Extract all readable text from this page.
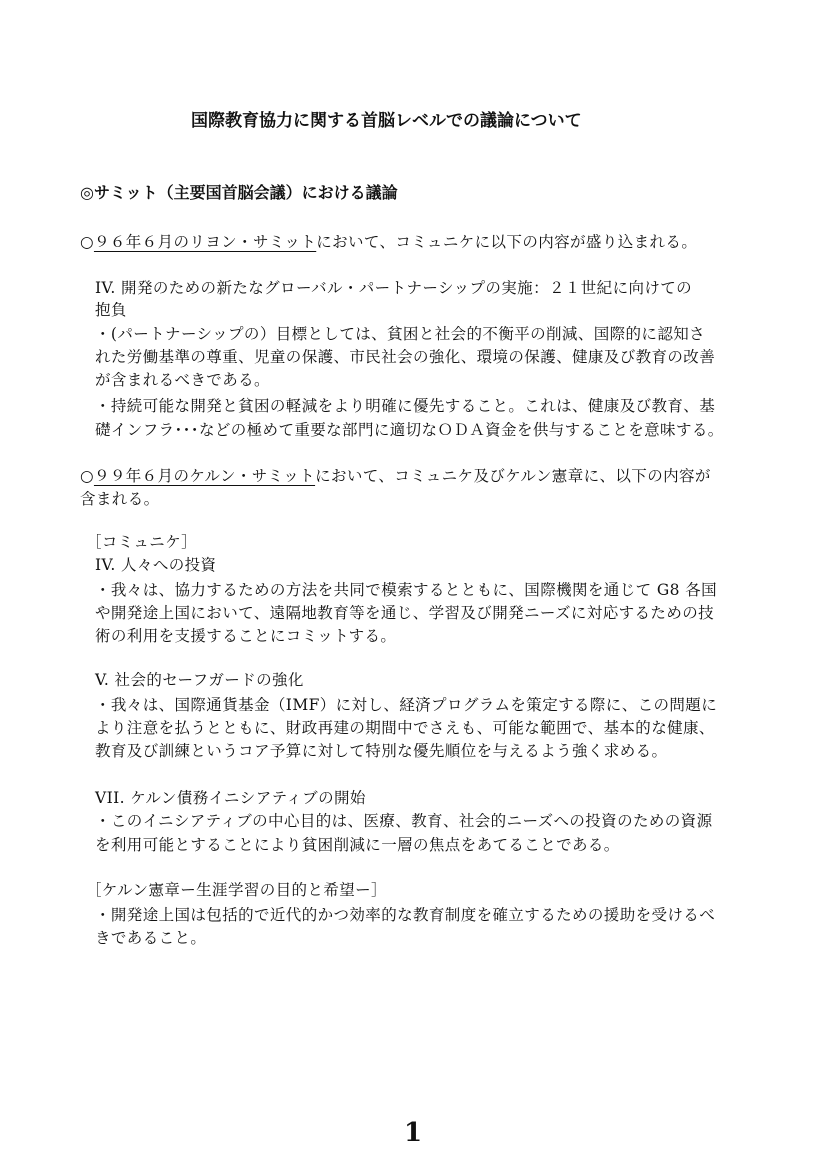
国際教育協力に関する首脳レベルでの議論について
◎サミット（主要国首脳会議）における議論
○９６年６月のリヨン・サミットにおいて、コミュニケに以下の内容が盛り込まれる。
IV. 開発のための新たなグローバル・パートナーシップの実施：２１世紀に向けての
抱負
・(パートナーシップの）目標としては、貧困と社会的不衡平の削減、国際的に認知さ
れた労働基準の尊重、児童の保護、市民社会の強化、環境の保護、健康及び教育の改善
が含まれるべきである。
・持続可能な開発と貧困の軽減をより明確に優先すること。これは、健康及び教育、基
礎インフラ･･･などの極めて重要な部門に適切なＯＤＡ資金を供与することを意味する。
○９９年６月のケルン・サミットにおいて、コミュニケ及びケルン憲章に、以下の内容が
含まれる。
［コミュニケ］
IV. 人々への投資
・我々は、協力するための方法を共同で模索するとともに、国際機関を通じて G8 各国
や開発途上国において、遠隔地教育等を通じ、学習及び開発ニーズに対応するための技
術の利用を支援することにコミットする。
V. 社会的セーフガードの強化
・我々は、国際通貨基金（IMF）に対し、経済プログラムを策定する際に、この問題に
より注意を払うとともに、財政再建の期間中でさえも、可能な範囲で、基本的な健康、
教育及び訓練というコア予算に対して特別な優先順位を与えるよう強く求める。
VII. ケルン債務イニシアティブの開始
・このイニシアティブの中心目的は、医療、教育、社会的ニーズへの投資のための資源
を利用可能とすることにより貧困削減に一層の焦点をあてることである。
［ケルン憲章ー生涯学習の目的と希望ー］
・開発途上国は包括的で近代的かつ効率的な教育制度を確立するための援助を受けるべ
きであること。
1
